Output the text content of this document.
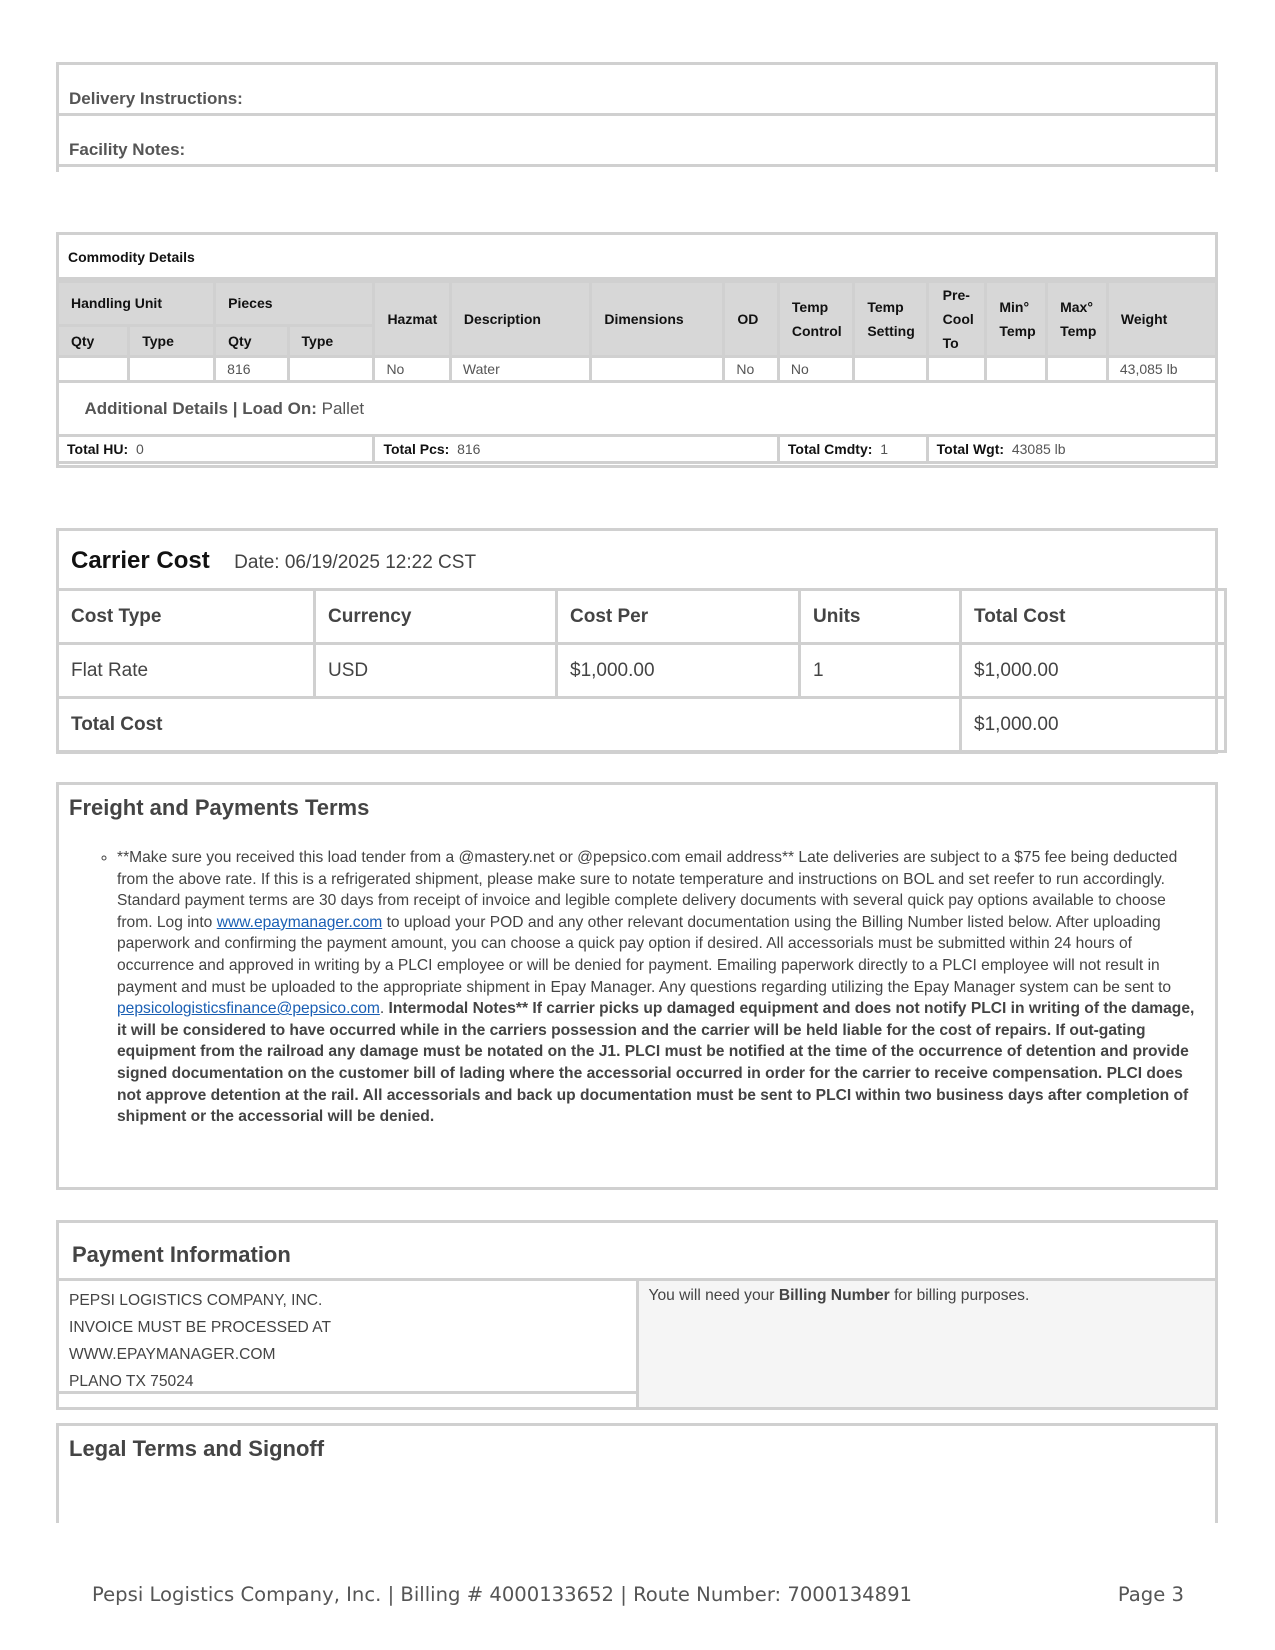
Delivery Instructions:
Facility Notes:
Commodity Details
Handling Unit		Pieces		Hazmat	Description	Dimensions	OD	Temp Control	Temp Setting	Pre-Cool To	Min° Temp	Max° Temp	Weight
Qty	Type	Qty	Type										
		816		No	Water		No	No					43,085 lb
Additional Details | Load On: Pallet													
Total HU: 0				Total Pcs: 816				Total Cmdty: 1		Total Wgt: 43085 lb			
Carrier Cost Date: 06/19/2025 12:22 CST
Cost Type	Currency	Cost Per	Units	Total Cost
Flat Rate	USD	$1,000.00	1	$1,000.00
Total Cost				$1,000.00
Freight and Payments Terms
◦ **Make sure you received this load tender from a @mastery.net or @pepsico.com email address** Late deliveries are subject to a $75 fee being deducted from the above rate. If this is a refrigerated shipment, please make sure to notate temperature and instructions on BOL and set reefer to run accordingly. Standard payment terms are 30 days from receipt of invoice and legible complete delivery documents with several quick pay options available to choose from. Log into www.epaymanager.com to upload your POD and any other relevant documentation using the Billing Number listed below. After uploading paperwork and confirming the payment amount, you can choose a quick pay option if desired. All accessorials must be submitted within 24 hours of occurrence and approved in writing by a PLCI employee or will be denied for payment. Emailing paperwork directly to a PLCI employee will not result in payment and must be uploaded to the appropriate shipment in Epay Manager. Any questions regarding utilizing the Epay Manager system can be sent to pepsicologisticsfinance@pepsico.com. Intermodal Notes** If carrier picks up damaged equipment and does not notify PLCI in writing of the damage, it will be considered to have occurred while in the carriers possession and the carrier will be held liable for the cost of repairs. If out-gating equipment from the railroad any damage must be notated on the J1. PLCI must be notified at the time of the occurrence of detention and provide signed documentation on the customer bill of lading where the accessorial occurred in order for the carrier to receive compensation. PLCI does not approve detention at the rail. All accessorials and back up documentation must be sent to PLCI within two business days after completion of shipment or the accessorial will be denied.
Payment Information
PEPSI LOGISTICS COMPANY, INC.
INVOICE MUST BE PROCESSED AT
WWW.EPAYMANAGER.COM
PLANO TX 75024
	You will need your Billing Number for billing purposes.
Legal Terms and Signoff
Pepsi Logistics Company, Inc. | Billing # 4000133652 | Route Number: 7000134891	Page 3
